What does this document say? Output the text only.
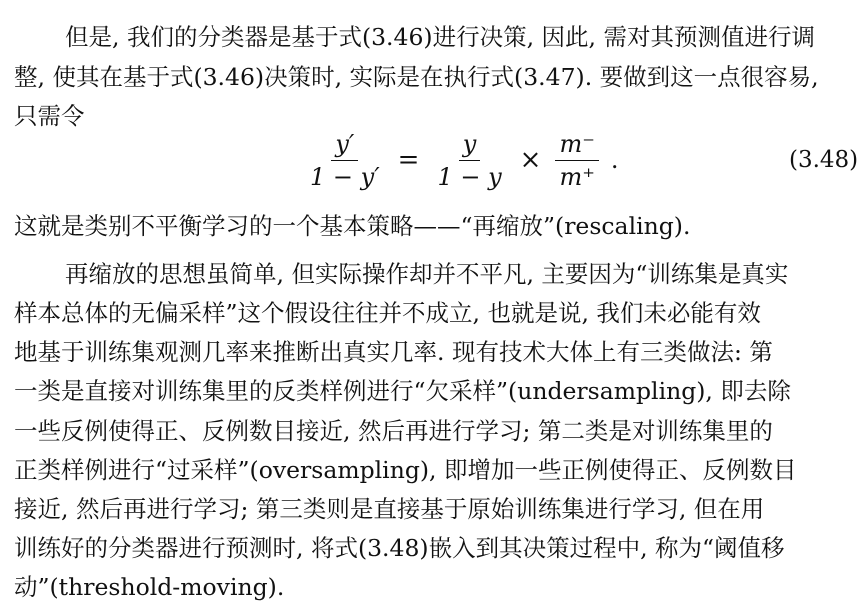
但是, 我们的分类器是基于式(3.46)进行决策, 因此, 需对其预测值进行调
整, 使其在基于式(3.46)决策时, 实际是在执行式(3.47). 要做到这一点很容易,
只需令
$\frac{y'}{1 - y'} = \frac{y}{1 - y} \times \frac{m^-}{m^+}$ .	(3.48)
这就是类别不平衡学习的一个基本策略——“再缩放”(rescaling).
再缩放的思想虽简单, 但实际操作却并不平凡, 主要因为“训练集是真实
样本总体的无偏采样”这个假设往往并不成立, 也就是说, 我们未必能有效
地基于训练集观测几率来推断出真实几率. 现有技术大体上有三类做法: 第
一类是直接对训练集里的反类样例进行“欠采样”(undersampling), 即去除
一些反例使得正、反例数目接近, 然后再进行学习; 第二类是对训练集里的
正类样例进行“过采样”(oversampling), 即增加一些正例使得正、反例数目
接近, 然后再进行学习; 第三类则是直接基于原始训练集进行学习, 但在用
训练好的分类器进行预测时, 将式(3.48)嵌入到其决策过程中, 称为“阈值移
动”(threshold-moving).
